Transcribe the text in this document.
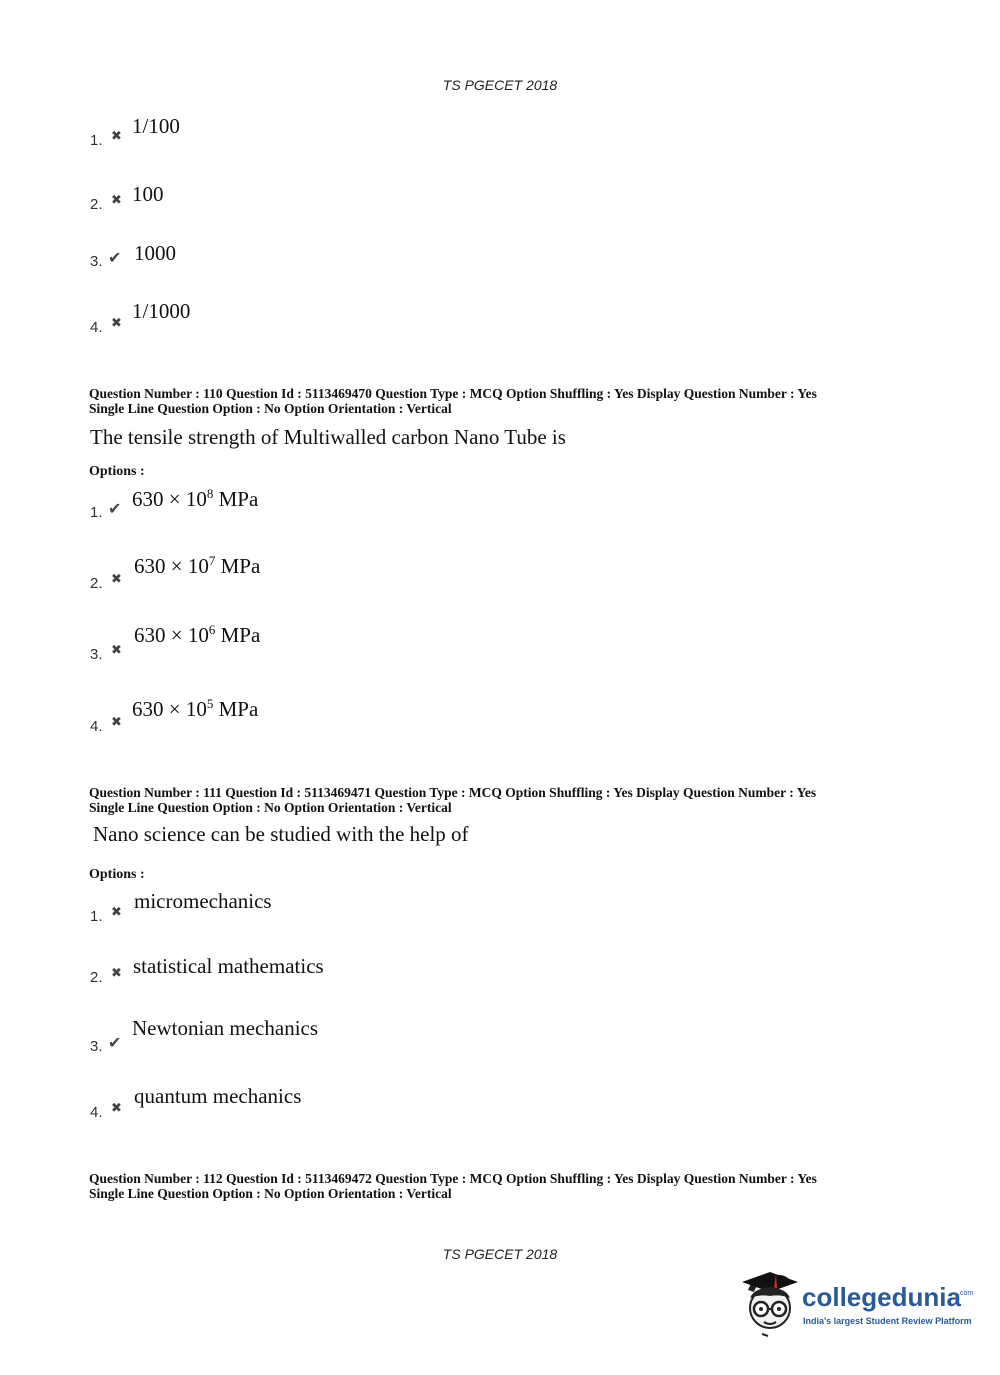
TS PGECET 2018
1. ✖ 1/100
2. ✖ 100
3. ✔ 1000
4. ✖
1/1000
Question Number : 110 Question Id : 5113469470 Question Type : MCQ Option Shuffling : Yes Display Question Number : Yes
Single Line Question Option : No Option Orientation : Vertical
The tensile strength of Multiwalled carbon Nano Tube is
Options :
1. ✔ $630 \times 10^8$ MPa
2. ✖
$630 \times 10^7$ MPa
3. ✖
$630 \times 10^6$ MPa
4. ✖
$630 \times 10^5$ MPa
Question Number : 111 Question Id : 5113469471 Question Type : MCQ Option Shuffling : Yes Display Question Number : Yes
Single Line Question Option : No Option Orientation : Vertical
Nano science can be studied with the help of
Options :
1. ✖ micromechanics
2. ✖ statistical mathematics
3. ✔
Newtonian mechanics
4. ✖
quantum mechanics
Question Number : 112 Question Id : 5113469472 Question Type : MCQ Option Shuffling : Yes Display Question Number : Yes
Single Line Question Option : No Option Orientation : Vertical
TS PGECET 2018
collegedunia
.com
India's largest Student Review Platform
